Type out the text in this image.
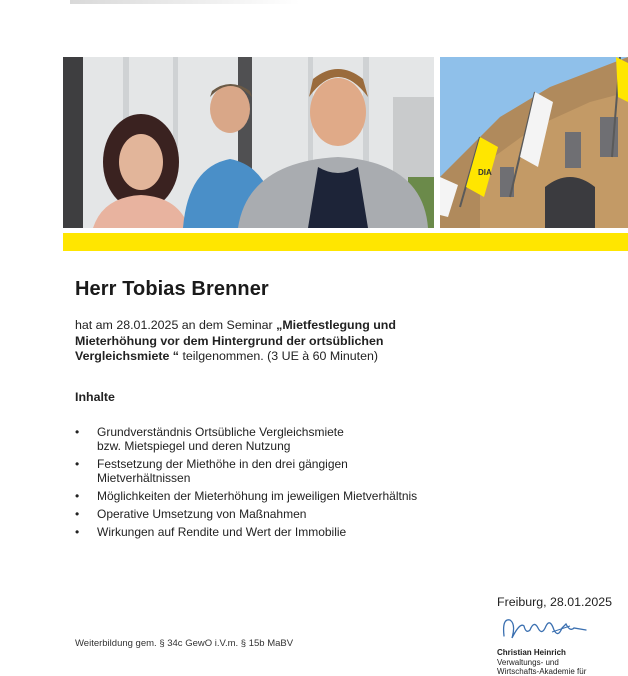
DIA
Herr Tobias Brenner
hat am 28.01.2025 an dem Seminar „Mietfestlegung und Mieterhöhung vor dem Hintergrund der ortsüblichen Vergleichsmiete “ teilgenommen. (3 UE à 60 Minuten)
Inhalte
• Grundverständnis Ortsübliche Vergleichsmiete
bzw. Mietspiegel und deren Nutzung
• Festsetzung der Miethöhe in den drei gängigen
Mietverhältnissen
• Möglichkeiten der Mieterhöhung im jeweiligen Mietverhältnis
• Operative Umsetzung von Maßnahmen
• Wirkungen auf Rendite und Wert der Immobilie
Freiburg, 28.01.2025
Christian Heinrich
Verwaltungs- und
Wirtschafts-Akademie für
Weiterbildung gem. § 34c GewO i.V.m. § 15b MaBV
